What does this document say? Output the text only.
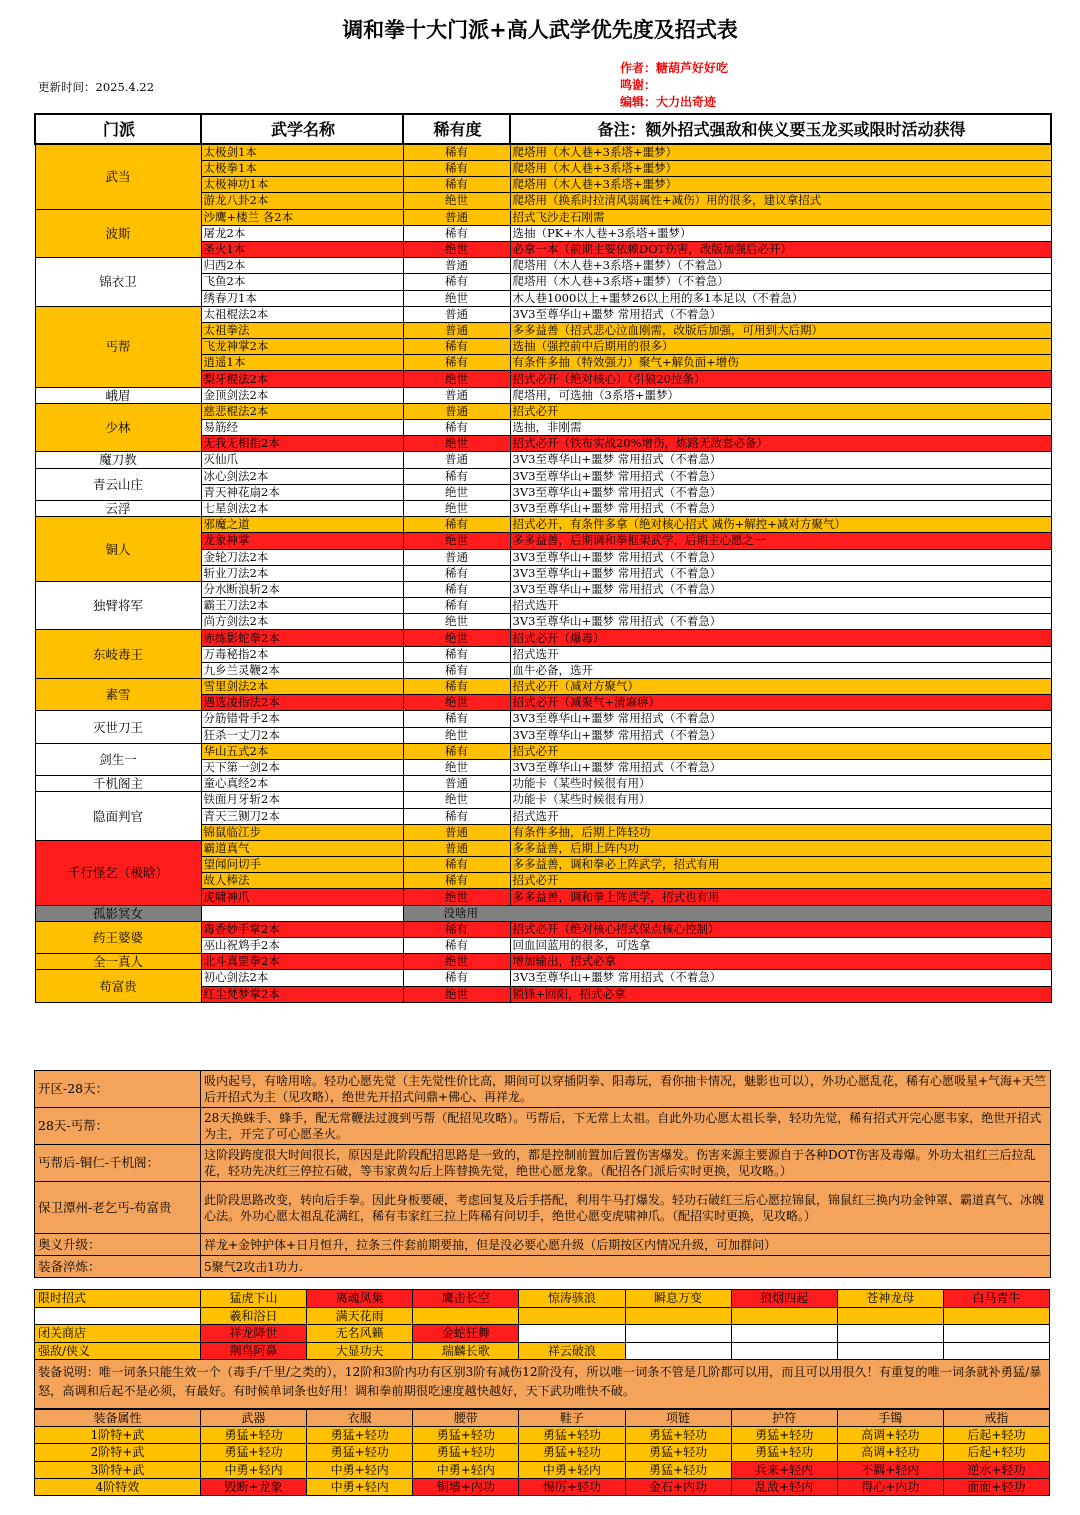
调和拳十大门派+高人武学优先度及招式表
更新时间：2025.4.22
作者：糖葫芦好好吃
鸣谢：
编辑：大力出奇迹
门派	武学名称	稀有度	备注：额外招式强敌和侠义要玉龙买或限时活动获得
武当	太极剑1本	稀有	爬塔用（木人巷+3系塔+噩梦）
	太极拳1本	稀有	爬塔用（木人巷+3系塔+噩梦）
	太极神功1本	稀有	爬塔用（木人巷+3系塔+噩梦）
	游龙八卦2本	绝世	爬塔用（换系时拉清风弱属性+减伤）用的很多，建议拿招式
波斯	沙鹰+楼兰 各2本	普通	招式飞沙走石刚需
	屠龙2本	稀有	选抽（PK+木人巷+3系塔+噩梦）
	圣火1本	绝世	必拿一本（前期主要依赖DOT伤害，改版加强后必开）
锦衣卫	归西2本	普通	爬塔用（木人巷+3系塔+噩梦）（不着急）
	飞鱼2本	稀有	爬塔用（木人巷+3系塔+噩梦）（不着急）
	绣春刀1本	绝世	木人巷1000以上+噩梦26以上用的多1本足以（不着急）
丐帮	太祖棍法2本	普通	3V3至尊华山+噩梦 常用招式（不着急）
	太祖拳法	普通	多多益善（招式悲心泣血刚需，改版后加强，可用到大后期）
	飞龙神掌2本	稀有	选抽（强控前中后期用的很多）
	逍遥1本	稀有	有条件多抽（特效强力）聚气+解负面+增伤
	梨牙棍法2本	绝世	招式必开（绝对核心）（引狼20拉条）
峨眉	金顶剑法2本	普通	爬塔用，可选抽（3系塔+噩梦）
少林	慈悲棍法2本	普通	招式必开
	易筋经	稀有	选抽，非刚需
	无我无相指2本	绝世	招式必开（铁布实战20%增伤，炼路无敌套必备）
魔刀教	灭仙爪	普通	3V3至尊华山+噩梦 常用招式（不着急）
青云山庄	冰心剑法2本	稀有	3V3至尊华山+噩梦 常用招式（不着急）
	青天神花扇2本	绝世	3V3至尊华山+噩梦 常用招式（不着急）
云浮	七星剑法2本	绝世	3V3至尊华山+噩梦 常用招式（不着急）
铜人	邪魔之道	稀有	招式必开，有条件多拿（绝对核心招式 减伤+解控+减对方聚气）
	龙象神掌	绝世	多多益善，后期调和拳框架武学，后期主心愿之一
	金轮刀法2本	普通	3V3至尊华山+噩梦 常用招式（不着急）
	斩业刀法2本	稀有	3V3至尊华山+噩梦 常用招式（不着急）
独臂将军	分水断浪斩2本	稀有	3V3至尊华山+噩梦 常用招式（不着急）
	霸王刀法2本	稀有	招式选开
	尚方剑法2本	绝世	3V3至尊华山+噩梦 常用招式（不着急）
东岐毒王	赤练影蛇拳2本	绝世	招式必开（爆毒）
	万毒秘指2本	稀有	招式选开
	九乡兰灵鞭2本	稀有	血牛必备，选开
素雪	雪里剑法2本	稀有	招式必开（减对方聚气）
	遇选凌指法2本	绝世	招式必开（减聚气+清麻痹）
灭世刀王	分筋错骨手2本	稀有	3V3至尊华山+噩梦 常用招式（不着急）
	狂杀一丈刀2本	绝世	3V3至尊华山+噩梦 常用招式（不着急）
剑生一	华山五式2本	稀有	招式必开
	天下第一剑2本	绝世	3V3至尊华山+噩梦 常用招式（不着急）
千机阁主	童心真经2本	普通	功能卡（某些时候很有用）
隐面判官	铁面月牙斩2本	绝世	功能卡（某些时候很有用）
	青天三铡刀2本	稀有	招式选开
	锦鼠临江步	普通	有条件多抽，后期上阵轻功
千行怪乞（极晗）	霸道真气	普通	多多益善，后期上阵内功
	望闻问切手	稀有	多多益善，调和拳必上阵武学，招式有用
	故人棒法	稀有	招式必开
	虎啸神爪	绝世	多多益善，调和拳上阵武学，招式也有用
孤影冥女		没啥用	
药王婆婆	毒香妙手掌2本	稀有	招式必开（绝对核心招式保点核心控制）
	巫山祝鸩手2本	稀有	回血回蓝用的很多，可选拿
全一真人	北斗真罡拳2本	绝世	增加输出，招式必拿
苟富贵	初心剑法2本	稀有	3V3至尊华山+噩梦 常用招式（不着急）
	红尘梵梦掌2本	绝世	锁锋+回阳，招式必拿
开区-28天：	吸内起号，有啥用啥。轻功心愿先觉（主先觉性价比高，期间可以穿插阴拳、阳毒玩，看你抽卡情况，魅影也可以），外功心愿乱花，稀有心愿吸星+气海+天竺后开招式为主（见攻略），绝世先开招式问鼎+佛心、再祥龙。
28天-丐帮：	28天换蛛手、蜂手，配无常鞭法过渡到丐帮（配招见攻略）。丐帮后，下无常上太祖。自此外功心愿太祖长拳，轻功先觉，稀有招式开完心愿韦家，绝世开招式为主，开完了可心愿圣火。
丐帮后-铜仁-千机阁：	这阶段跨度很大时间很长，原因是此阶段配招思路是一致的，都是控制前置加后置伤害爆发。伤害来源主要源自于各种DOT伤害及毒爆。外功太祖红三后拉乱花，轻功先决红三停拉石破，等韦家黄勾后上阵替换先觉，绝世心愿龙象。（配招各门派后实时更换，见攻略。）
保卫潭州-老乞丐-苟富贵	此阶段思路改变，转向后手拳。因此身板要硬，考虑回复及后手搭配，利用牛马打爆发。轻功石破红三后心愿拉锦鼠，锦鼠红三换内功金钟罩、霸道真气、冰魄心法。外功心愿太祖乱花满红，稀有韦家红三拉上阵稀有问切手，绝世心愿变虎啸神爪。（配招实时更换，见攻略。）
奥义升级：	祥龙+金钟护体+日月恒升，拉条三件套前期要抽，但是没必要心愿升级（后期按区内情况升级，可加群问）
装备淬炼：	5聚气2攻击1功力.
限时招式	猛虎下山	离魂凤集	鹰击长空	惊涛骇浪	瞬息万变	狼烟四起	苍神龙母	白马青牛
	羲和浴日	满天花雨						
闭关商店	祥龙降世	无名风籁	金蛇狂舞					
强敌/侠义	荆鸟阿鼻	大显功夫	瑞麟长歌	祥云破浪				
装备说明：唯一词条只能生效一个（毒手/千里/之类的），12阶和3阶内功有区别3阶有减伤12阶没有，所以唯一词条不管是几阶都可以用，而且可以用很久！有重复的唯一词条就补勇猛/暴怒，高调和后起不是必须，有最好。有时候单词条也好用！调和拳前期很吃速度越快越好，天下武功唯快不破。
装备属性	武器	衣服	腰带	鞋子	项链	护符	手镯	戒指
1阶特+武	勇猛+轻功	勇猛+轻功	勇猛+轻功	勇猛+轻功	勇猛+轻功	勇猛+轻功	高调+轻功	后起+轻功
2阶特+武	勇猛+轻功	勇猛+轻功	勇猛+轻功	勇猛+轻功	勇猛+轻功	勇猛+轻功	高调+轻功	后起+轻功
3阶特+武	中勇+轻内	中勇+轻内	中勇+轻内	中勇+轻内	勇猛+轻功	兵来+轻内	不羁+轻内	逆水+轻功
4阶特效	毁断+龙象	中勇+轻内	铜墙+内功	惕厉+轻功	金石+内功	乱敌+轻内	得心+内功	面面+轻功
